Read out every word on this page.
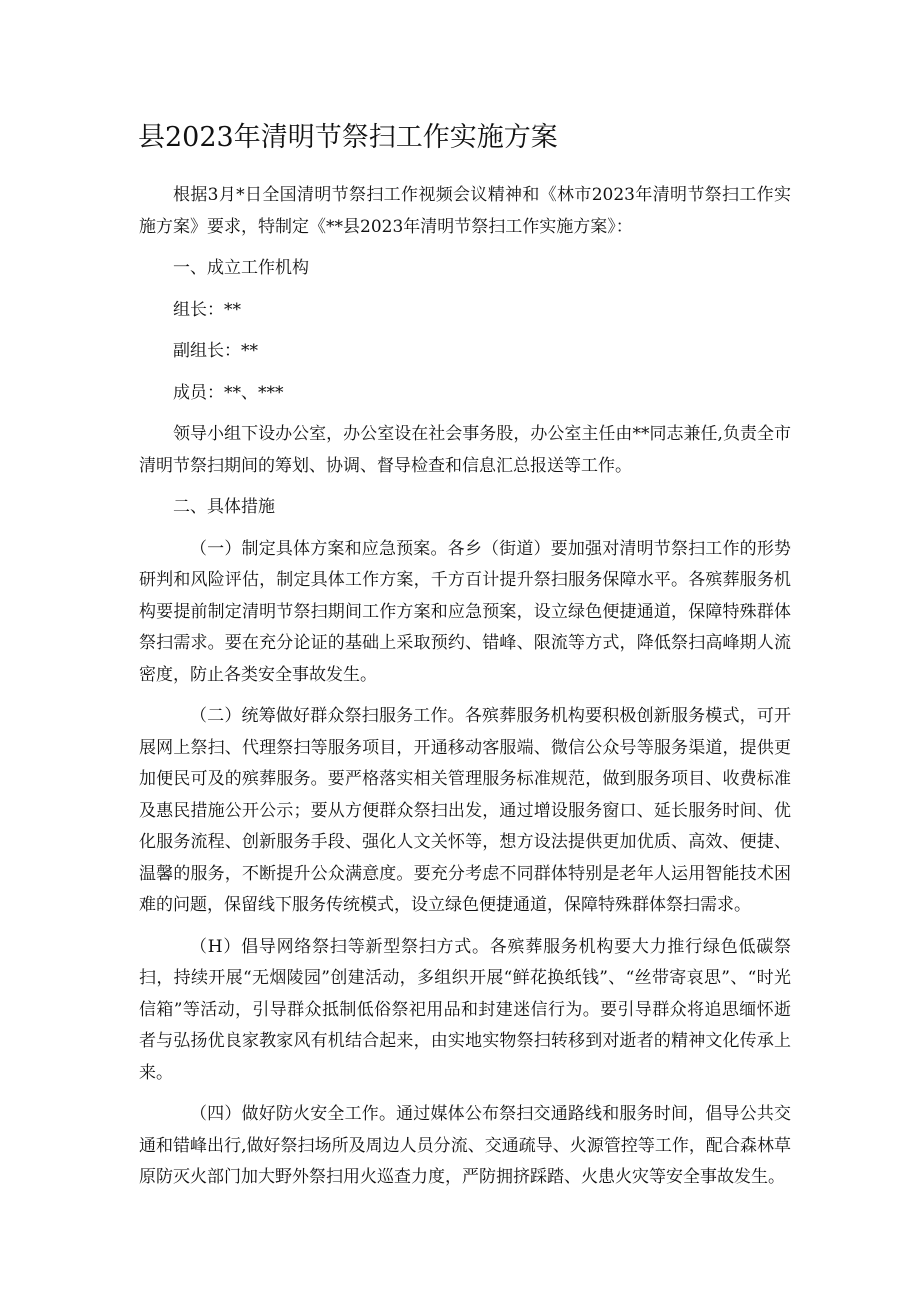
县2023年清明节祭扫工作实施方案

根据3月*日全国清明节祭扫工作视频会议精神和《林市2023年清明节祭扫工作实施方案》要求，特制定《**县2023年清明节祭扫工作实施方案》：

一、成立工作机构

组长：**

副组长：**

成员：**、***

领导小组下设办公室，办公室设在社会事务股，办公室主任由**同志兼任,负责全市清明节祭扫期间的筹划、协调、督导检查和信息汇总报送等工作。

二、具体措施

（一）制定具体方案和应急预案。各乡（街道）要加强对清明节祭扫工作的形势研判和风险评估，制定具体工作方案，千方百计提升祭扫服务保障水平。各殡葬服务机构要提前制定清明节祭扫期间工作方案和应急预案，设立绿色便捷通道，保障特殊群体祭扫需求。要在充分论证的基础上采取预约、错峰、限流等方式，降低祭扫高峰期人流密度，防止各类安全事故发生。

（二）统筹做好群众祭扫服务工作。各殡葬服务机构要积极创新服务模式，可开展网上祭扫、代理祭扫等服务项目，开通移动客服端、微信公众号等服务渠道，提供更加便民可及的殡葬服务。要严格落实相关管理服务标准规范，做到服务项目、收费标准及惠民措施公开公示；要从方便群众祭扫出发，通过增设服务窗口、延长服务时间、优化服务流程、创新服务手段、强化人文关怀等，想方设法提供更加优质、高效、便捷、温馨的服务，不断提升公众满意度。要充分考虑不同群体特别是老年人运用智能技术困难的问题，保留线下服务传统模式，设立绿色便捷通道，保障特殊群体祭扫需求。

（H）倡导网络祭扫等新型祭扫方式。各殡葬服务机构要大力推行绿色低碳祭扫，持续开展“无烟陵园”创建活动，多组织开展“鲜花换纸钱”、“丝带寄哀思”、“时光信箱”等活动，引导群众抵制低俗祭祀用品和封建迷信行为。要引导群众将追思缅怀逝者与弘扬优良家教家风有机结合起来，由实地实物祭扫转移到对逝者的精神文化传承上来。

（四）做好防火安全工作。通过媒体公布祭扫交通路线和服务时间，倡导公共交通和错峰出行,做好祭扫场所及周边人员分流、交通疏导、火源管控等工作，配合森林草原防灭火部门加大野外祭扫用火巡查力度，严防拥挤踩踏、火患火灾等安全事故发生。
